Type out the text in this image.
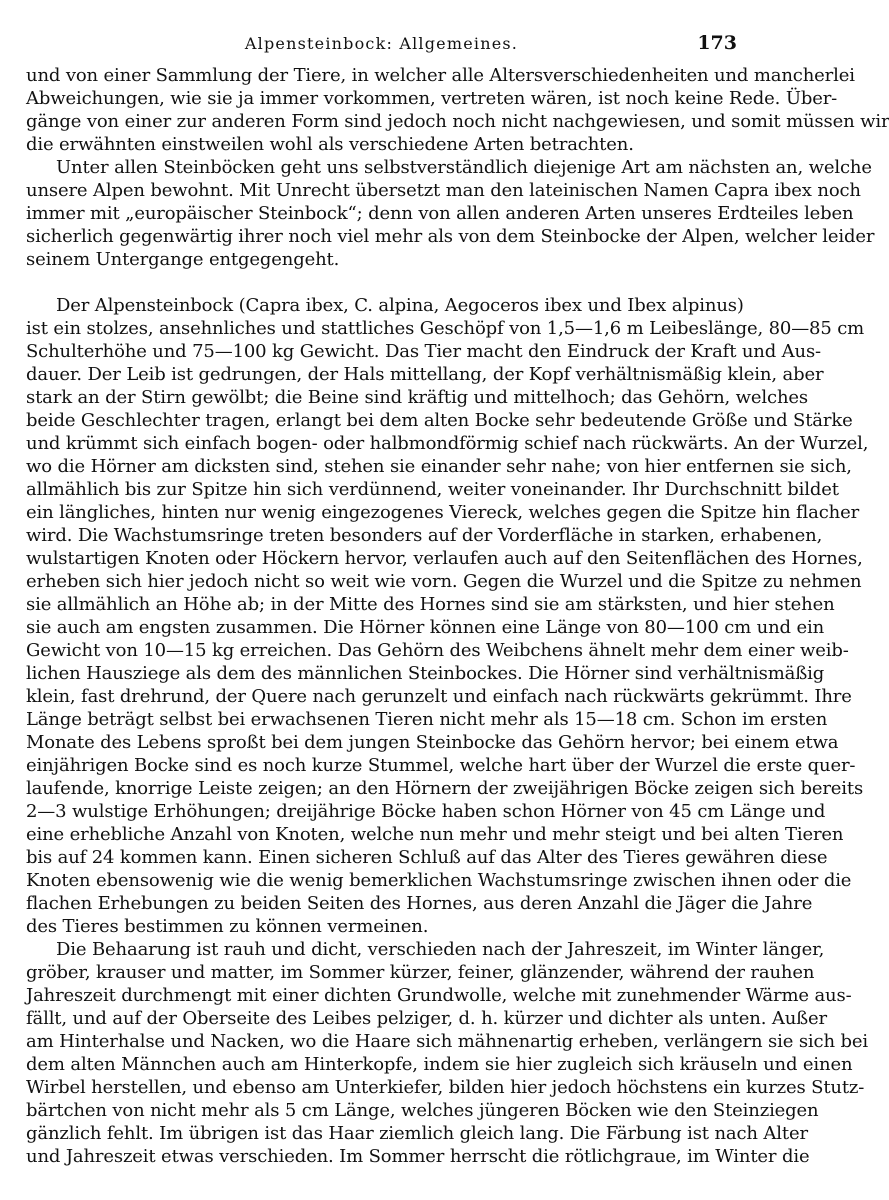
Alpensteinbock: Allgemeines.	173
und von einer Sammlung der Tiere, in welcher alle Altersverschiedenheiten und mancherlei
Abweichungen, wie sie ja immer vorkommen, vertreten wären, ist noch keine Rede. Über-
gänge von einer zur anderen Form sind jedoch noch nicht nachgewiesen, und somit müssen wir
die erwähnten einstweilen wohl als verschiedene Arten betrachten.
Unter allen Steinböcken geht uns selbstverständlich diejenige Art am nächsten an, welche
unsere Alpen bewohnt. Mit Unrecht übersetzt man den lateinischen Namen Capra ibex noch
immer mit „europäischer Steinbock“; denn von allen anderen Arten unseres Erdteiles leben
sicherlich gegenwärtig ihrer noch viel mehr als von dem Steinbocke der Alpen, welcher leider
seinem Untergange entgegengeht.
Der Alpensteinbock (Capra ibex, C. alpina, Aegoceros ibex und Ibex alpinus)
ist ein stolzes, ansehnliches und stattliches Geschöpf von 1,5—1,6 m Leibeslänge, 80—85 cm
Schulterhöhe und 75—100 kg Gewicht. Das Tier macht den Eindruck der Kraft und Aus-
dauer. Der Leib ist gedrungen, der Hals mittellang, der Kopf verhältnismäßig klein, aber
stark an der Stirn gewölbt; die Beine sind kräftig und mittelhoch; das Gehörn, welches
beide Geschlechter tragen, erlangt bei dem alten Bocke sehr bedeutende Größe und Stärke
und krümmt sich einfach bogen- oder halbmondförmig schief nach rückwärts. An der Wurzel,
wo die Hörner am dicksten sind, stehen sie einander sehr nahe; von hier entfernen sie sich,
allmählich bis zur Spitze hin sich verdünnend, weiter voneinander. Ihr Durchschnitt bildet
ein längliches, hinten nur wenig eingezogenes Viereck, welches gegen die Spitze hin flacher
wird. Die Wachstumsringe treten besonders auf der Vorderfläche in starken, erhabenen,
wulstartigen Knoten oder Höckern hervor, verlaufen auch auf den Seitenflächen des Hornes,
erheben sich hier jedoch nicht so weit wie vorn. Gegen die Wurzel und die Spitze zu nehmen
sie allmählich an Höhe ab; in der Mitte des Hornes sind sie am stärksten, und hier stehen
sie auch am engsten zusammen. Die Hörner können eine Länge von 80—100 cm und ein
Gewicht von 10—15 kg erreichen. Das Gehörn des Weibchens ähnelt mehr dem einer weib-
lichen Hausziege als dem des männlichen Steinbockes. Die Hörner sind verhältnismäßig
klein, fast drehrund, der Quere nach gerunzelt und einfach nach rückwärts gekrümmt. Ihre
Länge beträgt selbst bei erwachsenen Tieren nicht mehr als 15—18 cm. Schon im ersten
Monate des Lebens sproßt bei dem jungen Steinbocke das Gehörn hervor; bei einem etwa
einjährigen Bocke sind es noch kurze Stummel, welche hart über der Wurzel die erste quer-
laufende, knorrige Leiste zeigen; an den Hörnern der zweijährigen Böcke zeigen sich bereits
2—3 wulstige Erhöhungen; dreijährige Böcke haben schon Hörner von 45 cm Länge und
eine erhebliche Anzahl von Knoten, welche nun mehr und mehr steigt und bei alten Tieren
bis auf 24 kommen kann. Einen sicheren Schluß auf das Alter des Tieres gewähren diese
Knoten ebensowenig wie die wenig bemerklichen Wachstumsringe zwischen ihnen oder die
flachen Erhebungen zu beiden Seiten des Hornes, aus deren Anzahl die Jäger die Jahre
des Tieres bestimmen zu können vermeinen.
Die Behaarung ist rauh und dicht, verschieden nach der Jahreszeit, im Winter länger,
gröber, krauser und matter, im Sommer kürzer, feiner, glänzender, während der rauhen
Jahreszeit durchmengt mit einer dichten Grundwolle, welche mit zunehmender Wärme aus-
fällt, und auf der Oberseite des Leibes pelziger, d. h. kürzer und dichter als unten. Außer
am Hinterhalse und Nacken, wo die Haare sich mähnenartig erheben, verlängern sie sich bei
dem alten Männchen auch am Hinterkopfe, indem sie hier zugleich sich kräuseln und einen
Wirbel herstellen, und ebenso am Unterkiefer, bilden hier jedoch höchstens ein kurzes Stutz-
bärtchen von nicht mehr als 5 cm Länge, welches jüngeren Böcken wie den Steinziegen
gänzlich fehlt. Im übrigen ist das Haar ziemlich gleich lang. Die Färbung ist nach Alter
und Jahreszeit etwas verschieden. Im Sommer herrscht die rötlichgraue, im Winter die
